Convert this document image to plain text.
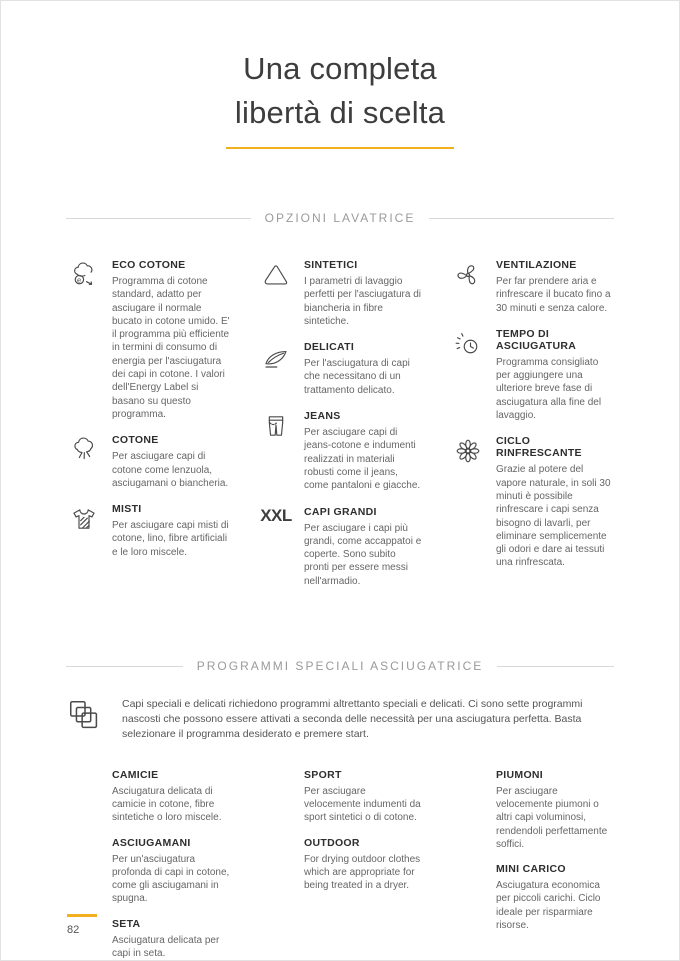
Una completa
libertà di scelta
OPZIONI LAVATRICE
e
ECO COTONE
Programma di cotone standard, adatto per asciugare il normale bucato in cotone umido. E' il programma più efficiente in termini di consumo di energia per l'asciugatura dei capi in cotone. I valori dell'Energy Label si basano su questo programma.
COTONE
Per asciugare capi di cotone come lenzuola, asciugamani o biancheria.
MISTI
Per asciugare capi misti di cotone, lino, fibre artificiali e le loro miscele.
SINTETICI
I parametri di lavaggio perfetti per l'asciugatura di biancheria in fibre sintetiche.
DELICATI
Per l'asciugatura di capi che necessitano di un trattamento delicato.
JEANS
Per asciugare capi di jeans-cotone e indumenti realizzati in materiali robusti come il jeans, come pantaloni e giacche.
XXL CAPI GRANDI
Per asciugare i capi più grandi, come accappatoi e coperte. Sono subito pronti per essere messi nell'armadio.
VENTILAZIONE
Per far prendere aria e rinfrescare il bucato fino a 30 minuti e senza calore.
TEMPO DI ASCIUGATURA
Programma consigliato per aggiungere una ulteriore breve fase di asciugatura alla fine del lavaggio.
CICLO RINFRESCANTE
Grazie al potere del vapore naturale, in soli 30 minuti è possibile rinfrescare i capi senza bisogno di lavarli, per eliminare semplicemente gli odori e dare ai tessuti una rinfrescata.
PROGRAMMI SPECIALI ASCIUGATRICE

Capi speciali e delicati richiedono programmi altrettanto speciali e delicati. Ci sono sette programmi nascosti che possono essere attivati a seconda delle necessità per una asciugatura perfetta. Basta selezionare il programma desiderato e premere start.

CAMICIE
Asciugatura delicata di camicie in cotone, fibre sintetiche o loro miscele.
ASCIUGAMANI
Per un'asciugatura profonda di capi in cotone, come gli asciugamani in spugna.
SETA
Asciugatura delicata per capi in seta.
SPORT
Per asciugare velocemente indumenti da sport sintetici o di cotone.
OUTDOOR
For drying outdoor clothes which are appropriate for being treated in a dryer.
PIUMONI
Per asciugare velocemente piumoni o altri capi voluminosi, rendendoli perfettamente soffici.
MINI CARICO
Asciugatura economica per piccoli carichi. Ciclo ideale per risparmiare risorse.
82
